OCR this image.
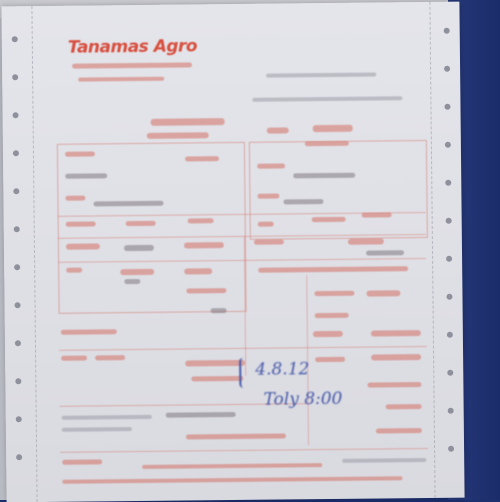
Tanamas Agro
4.8.12
Toly 8:00
